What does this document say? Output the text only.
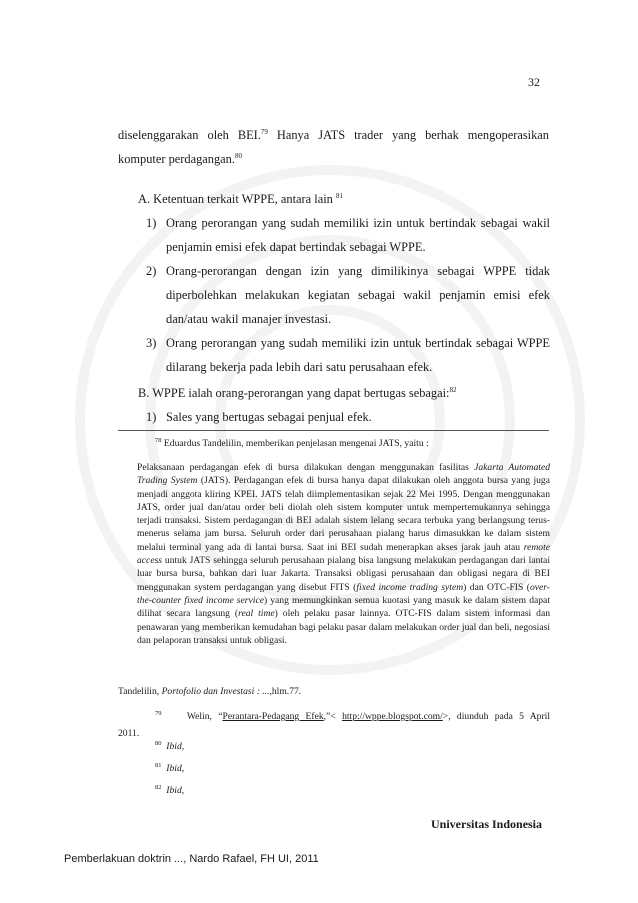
32
diselenggarakan oleh BEI.$^{79}$ Hanya JATS trader yang berhak mengoperasikan
komputer perdagangan.$^{80}$
A. Ketentuan terkait WPPE, antara lain $^{81}$
1) Orang perorangan yang sudah memiliki izin untuk bertindak sebagai wakil
penjamin emisi efek dapat bertindak sebagai WPPE.
2) Orang-perorangan dengan izin yang dimilikinya sebagai WPPE tidak
diperbolehkan melakukan kegiatan sebagai wakil penjamin emisi efek
dan/atau wakil manajer investasi.
3) Orang perorangan yang sudah memiliki izin untuk bertindak sebagai WPPE
dilarang bekerja pada lebih dari satu perusahaan efek.
B. WPPE ialah orang-perorangan yang dapat bertugas sebagai:$^{82}$
1) Sales yang bertugas sebagai penjual efek.
$^{78}$ Eduardus Tandelilin, memberikan penjelasan mengenai JATS, yaitu :
Pelaksanaan perdagangan efek di bursa dilakukan dengan menggunakan fasilitas Jakarta Automated Trading System (JATS). Perdagangan efek di bursa hanya dapat dilakukan oleh anggota bursa yang juga menjadi anggota kliring KPEI. JATS telah diimplementasikan sejak 22 Mei 1995. Dengan menggunakan JATS, order jual dan/atau order beli diolah oleh sistem komputer untuk mempertemukannya sehingga terjadi transaksi. Sistem perdagangan di BEI adalah sistem lelang secara terbuka yang berlangsung terus-menerus selama jam bursa. Seluruh order dari perusahaan pialang harus dimasukkan ke dalam sistem melalui terminal yang ada di lantai bursa. Saat ini BEI sudah menerapkan akses jarak jauh atau remote access untuk JATS sehingga seluruh perusahaan pialang bisa langsung melakukan perdagangan dari lantai luar bursa bursa, bahkan dari luar Jakarta. Transaksi obligasi perusahaan dan obligasi negara di BEI menggunakan system perdagangan yang disebut FITS (fixed income trading sytem) dan OTC-FIS (over- the-counter fixed income service) yang memungkinkan semua kuotasi yang masuk ke dalam sistem dapat dilihat secara langsung (real time) oleh pelaku pasar lainnya. OTC-FIS dalam sistem informasi dan penawaran yang memberikan kemudahan bagi pelaku pasar dalam melakukan order jual dan beli, negosiasi dan pelaporan transaksi untuk obligasi.
Tandelilin, Portofolio dan Investasi : ...,hlm.77.
$^{79}$	Welin, “Perantara-Pedagang Efek,”< http://wppe.blogspot.com/>, diunduh pada 5 April
2011.
$^{80}$ Ibid,
$^{81}$ Ibid,
$^{82}$ Ibid,
Universitas Indonesia
Pemberlakuan doktrin ..., Nardo Rafael, FH UI, 2011
